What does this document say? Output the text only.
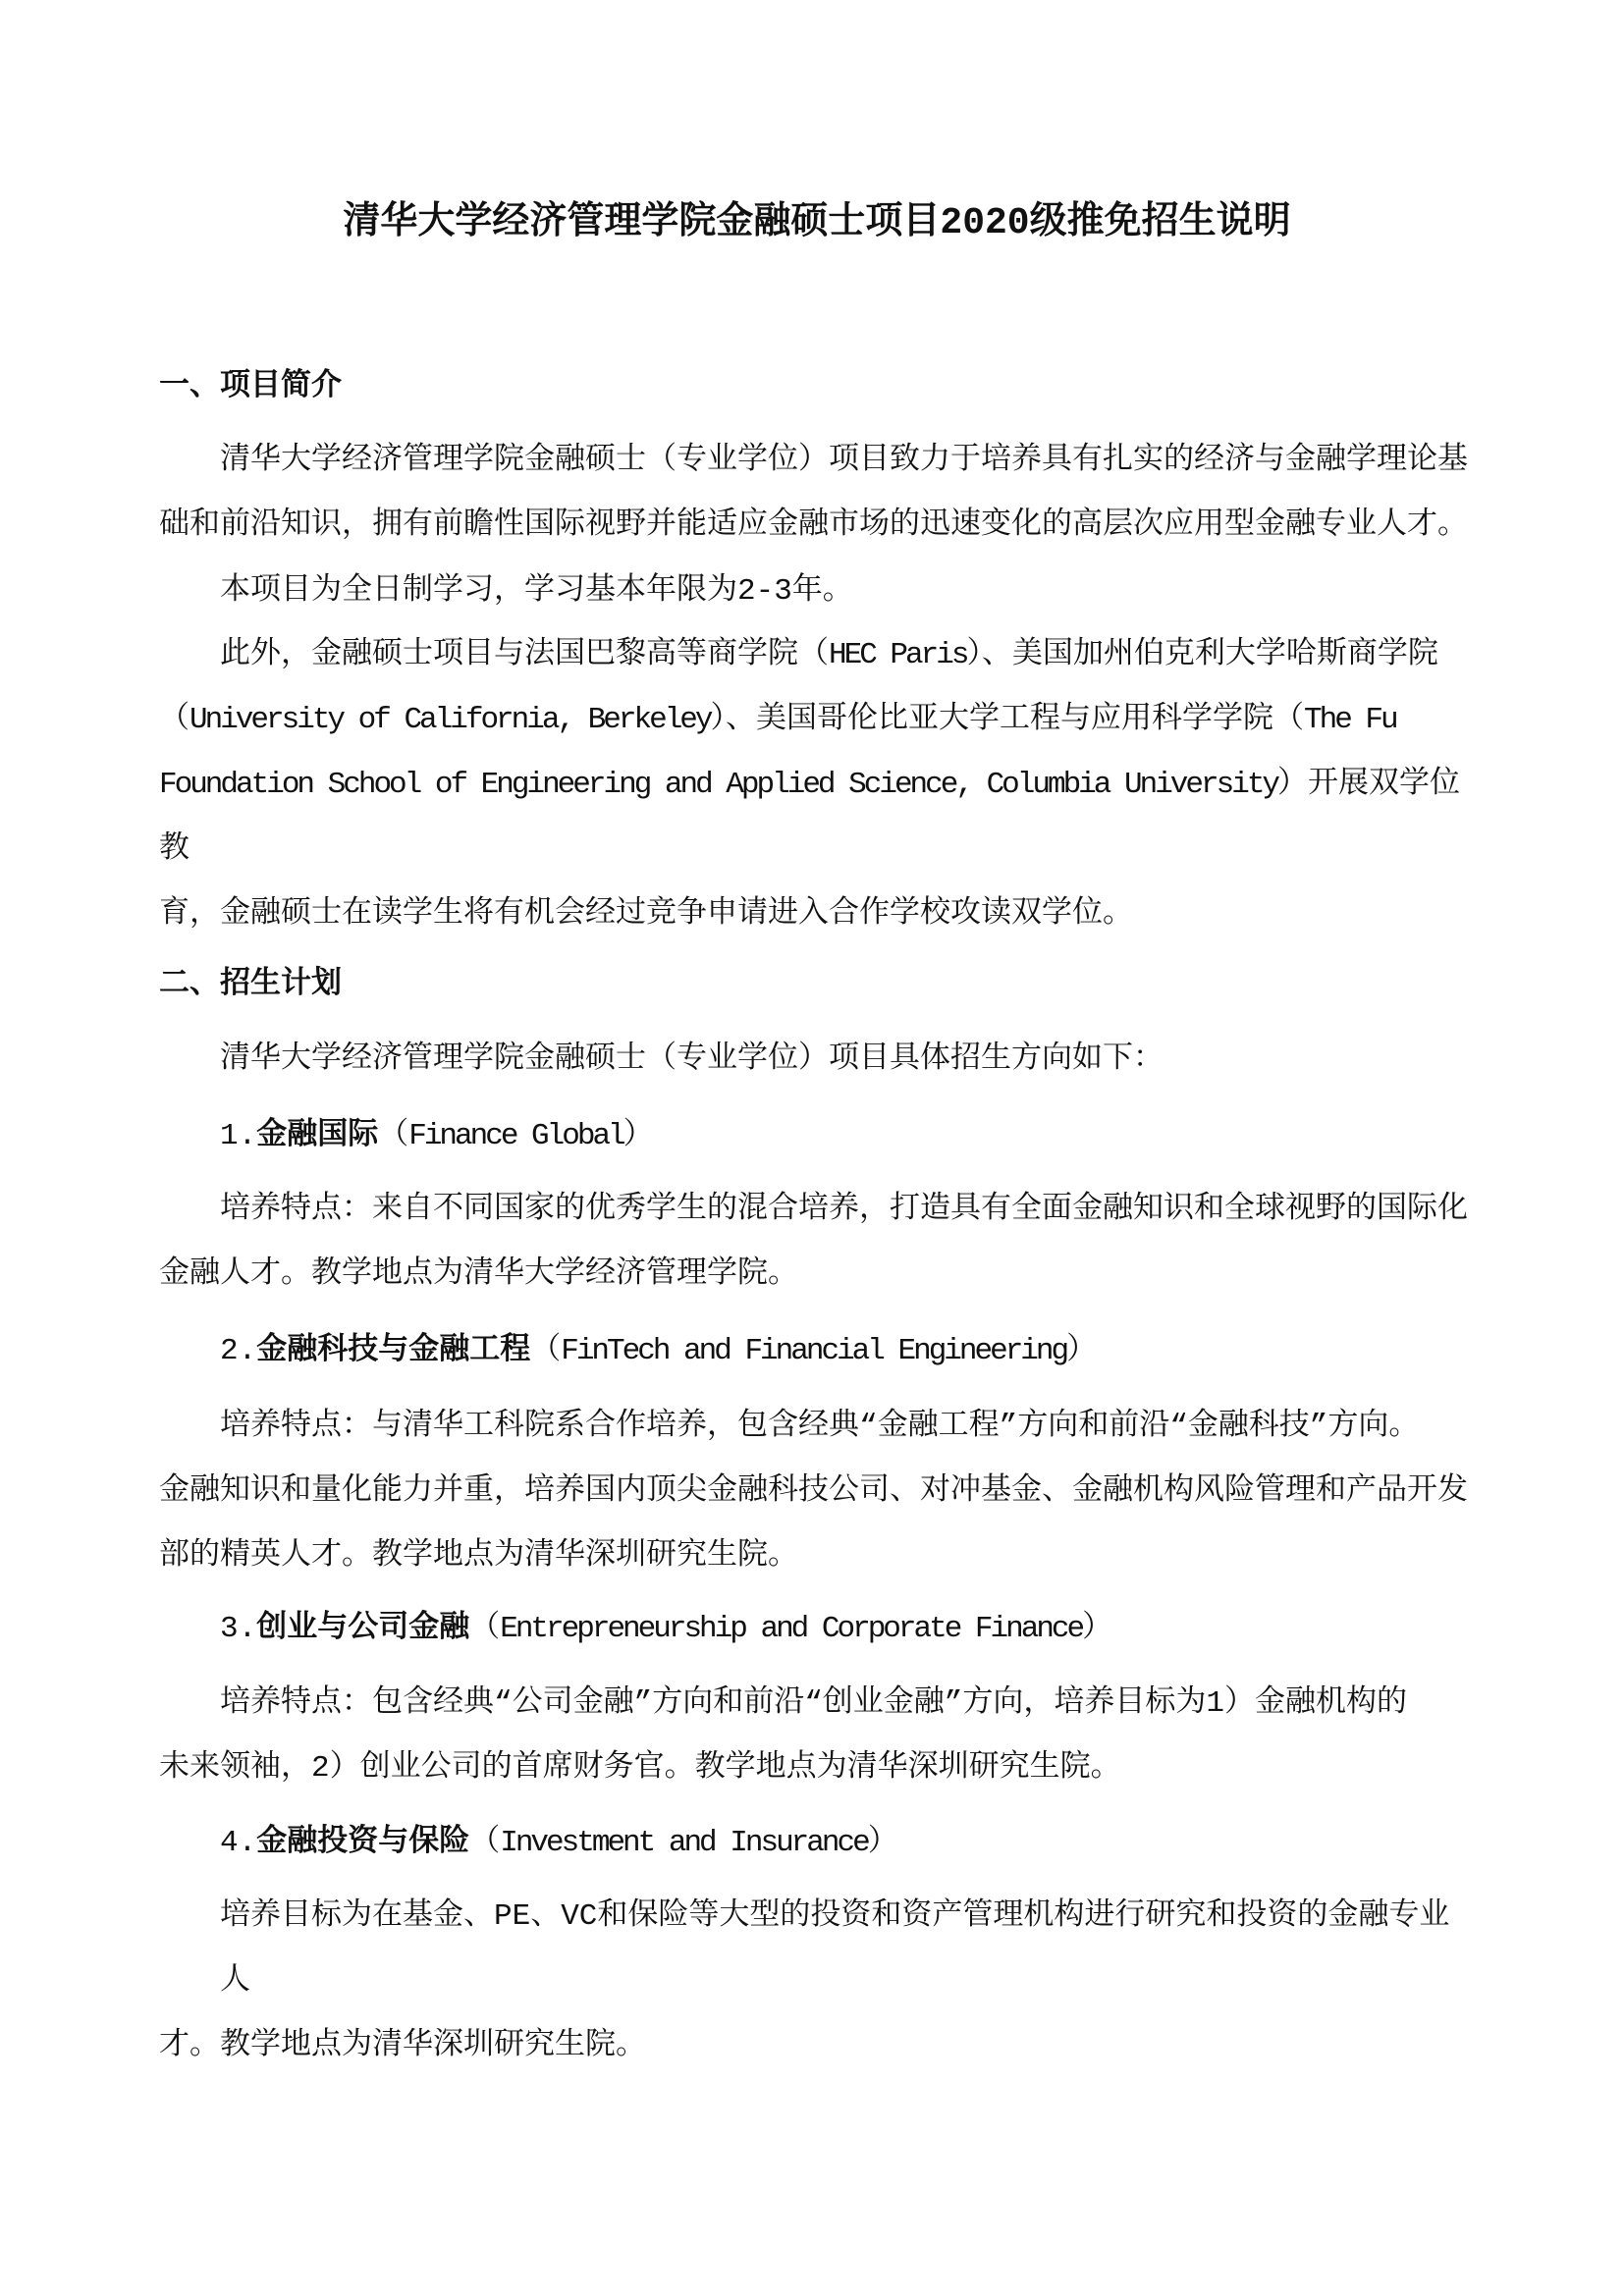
清华大学经济管理学院金融硕士项目2020级推免招生说明
一、项目简介
清华大学经济管理学院金融硕士（专业学位）项目致力于培养具有扎实的经济与金融学理论基
础和前沿知识，拥有前瞻性国际视野并能适应金融市场的迅速变化的高层次应用型金融专业人才。
本项目为全日制学习，学习基本年限为2-3年。
此外，金融硕士项目与法国巴黎高等商学院（HEC Paris）、美国加州伯克利大学哈斯商学院
（University of California, Berkeley）、美国哥伦比亚大学工程与应用科学学院（The Fu
Foundation School of Engineering and Applied Science, Columbia University）开展双学位教
育，金融硕士在读学生将有机会经过竞争申请进入合作学校攻读双学位。
二、招生计划
清华大学经济管理学院金融硕士（专业学位）项目具体招生方向如下：
1.金融国际（Finance Global）
培养特点：来自不同国家的优秀学生的混合培养，打造具有全面金融知识和全球视野的国际化
金融人才。教学地点为清华大学经济管理学院。
2.金融科技与金融工程（FinTech and Financial Engineering）
培养特点：与清华工科院系合作培养，包含经典“金融工程”方向和前沿“金融科技”方向。
金融知识和量化能力并重，培养国内顶尖金融科技公司、对冲基金、金融机构风险管理和产品开发
部的精英人才。教学地点为清华深圳研究生院。
3.创业与公司金融（Entrepreneurship and Corporate Finance）
培养特点：包含经典“公司金融”方向和前沿“创业金融”方向，培养目标为1）金融机构的
未来领袖，2）创业公司的首席财务官。教学地点为清华深圳研究生院。
4.金融投资与保险（Investment and Insurance）
培养目标为在基金、PE、VC和保险等大型的投资和资产管理机构进行研究和投资的金融专业人
才。教学地点为清华深圳研究生院。
